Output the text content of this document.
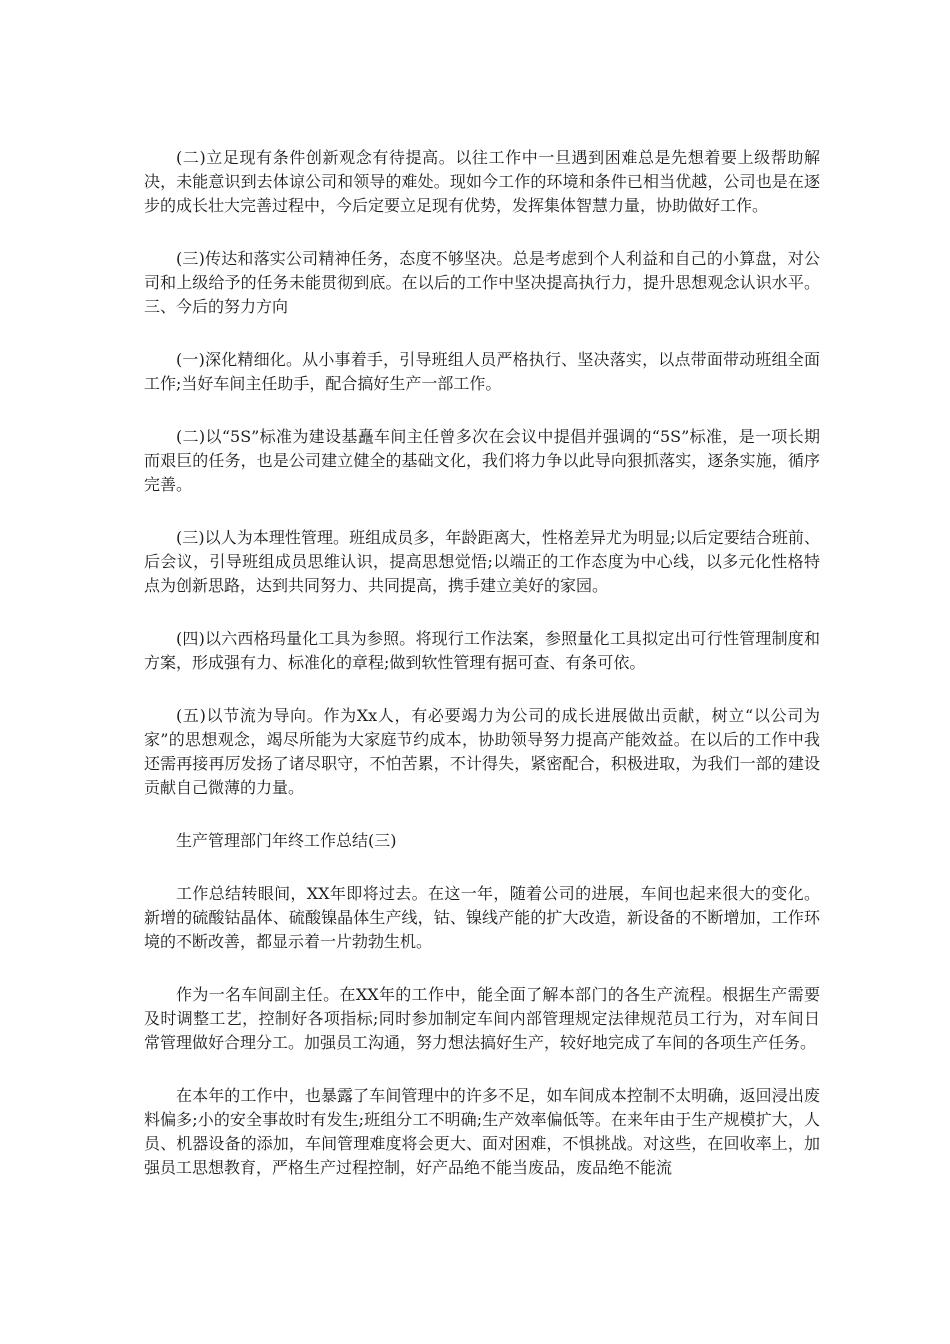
(二)立足现有条件创新观念有待提高。以往工作中一旦遇到困难总是先想着要上级帮助解决，未能意识到去体谅公司和领导的难处。现如今工作的环境和条件已相当优越，公司也是在逐步的成长壮大完善过程中，今后定要立足现有优势，发挥集体智慧力量，协助做好工作。

(三)传达和落实公司精神任务，态度不够坚决。总是考虑到个人利益和自己的小算盘，对公司和上级给予的任务未能贯彻到底。在以后的工作中坚决提高执行力，提升思想观念认识水平。三、今后的努力方向

(一)深化精细化。从小事着手，引导班组人员严格执行、坚决落实，以点带面带动班组全面工作;当好车间主任助手，配合搞好生产一部工作。

(二)以“5S”标准为建设基矗车间主任曾多次在会议中提倡并强调的“5S”标准，是一项长期而艰巨的任务，也是公司建立健全的基础文化，我们将力争以此导向狠抓落实，逐条实施，循序完善。

(三)以人为本理性管理。班组成员多，年龄距离大，性格差异尤为明显;以后定要结合班前、后会议，引导班组成员思维认识，提高思想觉悟;以端正的工作态度为中心线，以多元化性格特点为创新思路，达到共同努力、共同提高，携手建立美好的家园。

(四)以六西格玛量化工具为参照。将现行工作法案，参照量化工具拟定出可行性管理制度和方案，形成强有力、标准化的章程;做到软性管理有据可查、有条可依。

(五)以节流为导向。作为Xx人，有必要竭力为公司的成长进展做出贡献，树立“以公司为家”的思想观念，竭尽所能为大家庭节约成本，协助领导努力提高产能效益。在以后的工作中我还需再接再厉发扬了诸尽职守，不怕苦累，不计得失，紧密配合，积极进取，为我们一部的建设贡献自己微薄的力量。

生产管理部门年终工作总结(三)

工作总结转眼间，XX年即将过去。在这一年，随着公司的进展，车间也起来很大的变化。新增的硫酸钴晶体、硫酸镍晶体生产线，钴、镍线产能的扩大改造，新设备的不断增加，工作环境的不断改善，都显示着一片勃勃生机。

作为一名车间副主任。在XX年的工作中，能全面了解本部门的各生产流程。根据生产需要及时调整工艺，控制好各项指标;同时参加制定车间内部管理规定法律规范员工行为，对车间日常管理做好合理分工。加强员工沟通，努力想法搞好生产，较好地完成了车间的各项生产任务。

在本年的工作中，也暴露了车间管理中的许多不足，如车间成本控制不太明确，返回浸出废料偏多;小的安全事故时有发生;班组分工不明确;生产效率偏低等。在来年由于生产规模扩大，人员、机器设备的添加，车间管理难度将会更大、面对困难，不惧挑战。对这些，在回收率上，加强员工思想教育，严格生产过程控制，好产品绝不能当废品，废品绝不能流
